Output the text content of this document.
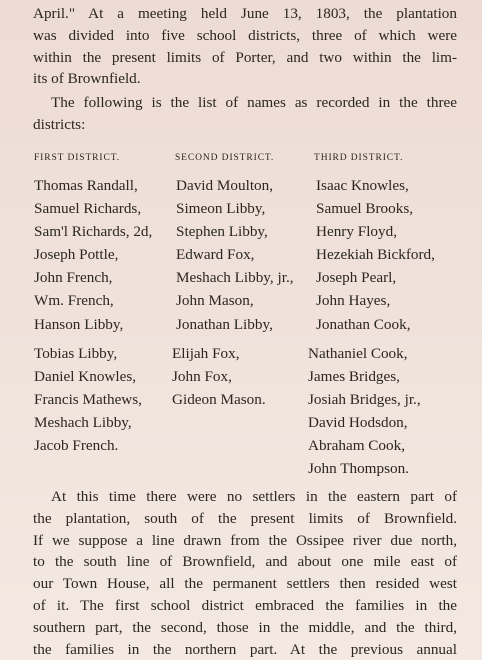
April." At a meeting held June 13, 1803, the plantation
was divided into five school districts, three of which were
within the present limits of Porter, and two within the lim-
its of Brownfield.

The following is the list of names as recorded in the three
districts:

FIRST DISTRICT.	SECOND DISTRICT.	THIRD DISTRICT.
Thomas Randall,
Samuel Richards,
Sam'l Richards, 2d,
Joseph Pottle,
John French,
Wm. French,
Hanson Libby,
David Moulton,
Simeon Libby,
Stephen Libby,
Edward Fox,
Meshach Libby, jr.,
John Mason,
Jonathan Libby,
Isaac Knowles,
Samuel Brooks,
Henry Floyd,
Hezekiah Bickford,
Joseph Pearl,
John Hayes,
Jonathan Cook,
Tobias Libby,
Daniel Knowles,
Francis Mathews,
Meshach Libby,
Jacob French.
Elijah Fox,
John Fox,
Gideon Mason.
Nathaniel Cook,
James Bridges,
Josiah Bridges, jr.,
David Hodsdon,
Abraham Cook,
John Thompson.

At this time there were no settlers in the eastern part of
the plantation, south of the present limits of Brownfield.
If we suppose a line drawn from the Ossipee river due north,
to the south line of Brownfield, and about one mile east of
our Town House, all the permanent settlers then resided west
of it. The first school district embraced the families in the
southern part, the second, those in the middle, and the third,
the families in the northern part. At the previous annual
